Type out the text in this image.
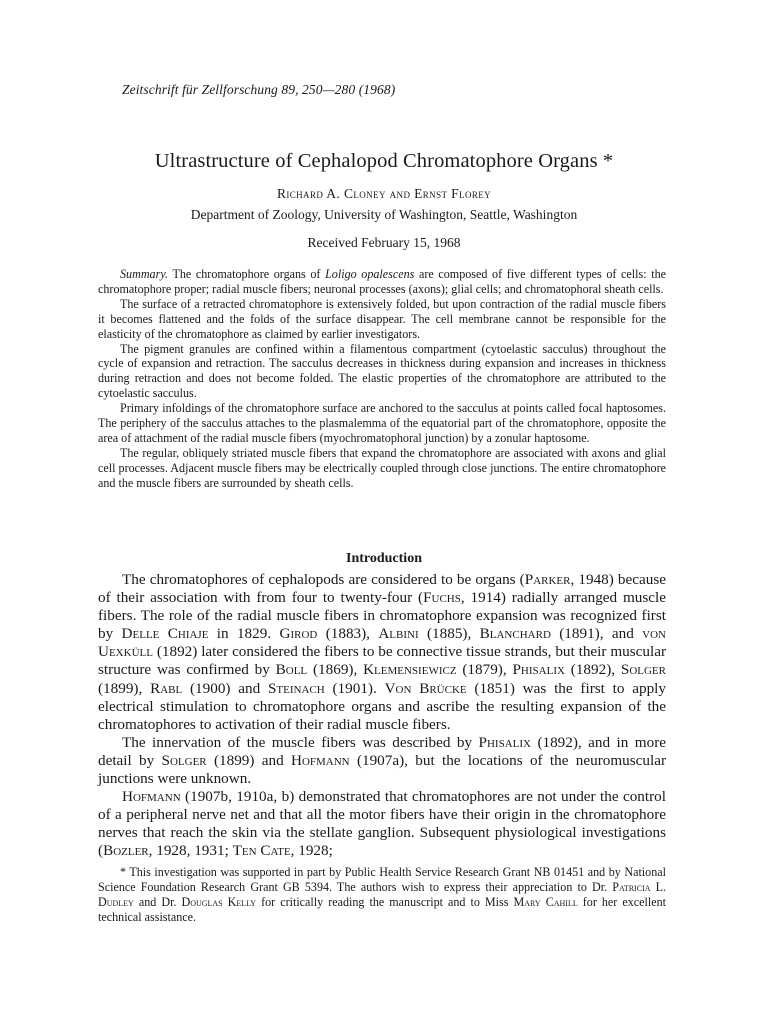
Zeitschrift für Zellforschung 89, 250—280 (1968)
Ultrastructure of Cephalopod Chromatophore Organs *
Richard A. Cloney and Ernst Florey
Department of Zoology, University of Washington, Seattle, Washington
Received February 15, 1968

Summary. The chromatophore organs of Loligo opalescens are composed of five different types of cells: the chromatophore proper; radial muscle fibers; neuronal processes (axons); glial cells; and chromatophoral sheath cells.

The surface of a retracted chromatophore is extensively folded, but upon contraction of the radial muscle fibers it becomes flattened and the folds of the surface disappear. The cell membrane cannot be responsible for the elasticity of the chromatophore as claimed by earlier investigators.

The pigment granules are confined within a filamentous compartment (cytoelastic sacculus) throughout the cycle of expansion and retraction. The sacculus decreases in thickness during expansion and increases in thickness during retraction and does not become folded. The elastic properties of the chromatophore are attributed to the cytoelastic sacculus.

Primary infoldings of the chromatophore surface are anchored to the sacculus at points called focal haptosomes. The periphery of the sacculus attaches to the plasmalemma of the equatorial part of the chromatophore, opposite the area of attachment of the radial muscle fibers (myochromatophoral junction) by a zonular haptosome.

The regular, obliquely striated muscle fibers that expand the chromatophore are associated with axons and glial cell processes. Adjacent muscle fibers may be electrically coupled through close junctions. The entire chromatophore and the muscle fibers are surrounded by sheath cells.

Introduction

The chromatophores of cephalopods are considered to be organs (Parker, 1948) because of their association with from four to twenty-four (Fuchs, 1914) radially arranged muscle fibers. The role of the radial muscle fibers in chromatophore expansion was recognized first by Delle Chiaje in 1829. Girod (1883), Albini (1885), Blanchard (1891), and von Uexküll (1892) later considered the fibers to be connective tissue strands, but their muscular structure was confirmed by Boll (1869), Klemensiewicz (1879), Phisalix (1892), Solger (1899), Rabl (1900) and Steinach (1901). Von Brücke (1851) was the first to apply electrical stimulation to chromatophore organs and ascribe the resulting expansion of the chromatophores to activation of their radial muscle fibers.

The innervation of the muscle fibers was described by Phisalix (1892), and in more detail by Solger (1899) and Hofmann (1907a), but the locations of the neuromuscular junctions were unknown.

Hofmann (1907b, 1910a, b) demonstrated that chromatophores are not under the control of a peripheral nerve net and that all the motor fibers have their origin in the chromatophore nerves that reach the skin via the stellate ganglion. Subsequent physiological investigations (Bozler, 1928, 1931; Ten Cate, 1928;

* This investigation was supported in part by Public Health Service Research Grant NB 01451 and by National Science Foundation Research Grant GB 5394. The authors wish to express their appreciation to Dr. Patricia L. Dudley and Dr. Douglas Kelly for critically reading the manuscript and to Miss Mary Cahill for her excellent technical assistance.
